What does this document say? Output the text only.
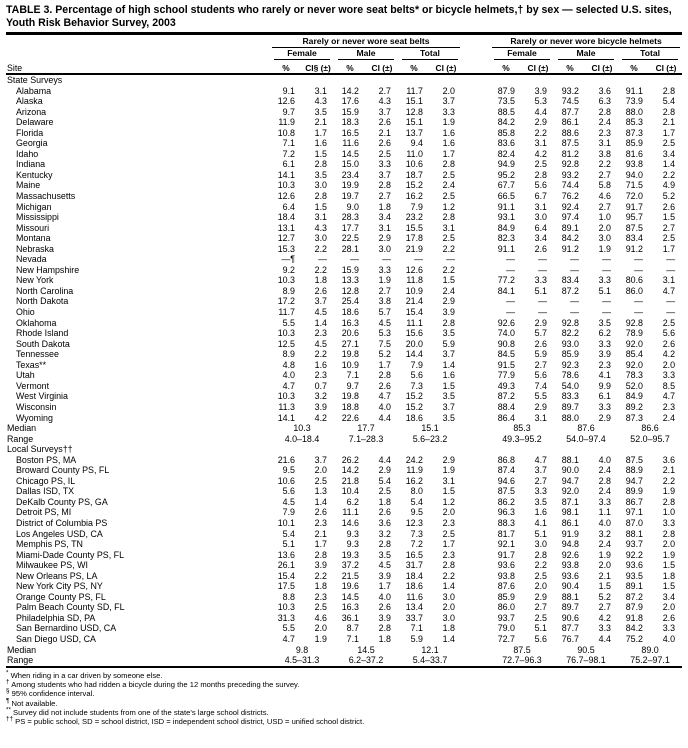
TABLE 3. Percentage of high school students who rarely or never wore seat belts* or bicycle helmets,† by sex — selected U.S. sites, Youth Risk Behavior Survey, 2003

	Rarely or never wore seat belts							Rarely or never wore bicycle helmets					

	Female		Male		Total			Female		Male		Total	

Site	%	CI§ (±)	%	CI (±)	%	CI (±)		%	CI (±)	%	CI (±)	%	CI (±)
State Surveys													
Alabama	9.1	3.1	14.2	2.7	11.7	2.0		87.9	3.9	93.2	3.6	91.1	2.8
Alaska	12.6	4.3	17.6	4.3	15.1	3.7		73.5	5.3	74.5	6.3	73.9	5.4
Arizona	9.7	3.5	15.9	3.7	12.8	3.3		88.5	4.4	87.7	2.8	88.0	2.8
Delaware	11.9	2.1	18.3	2.6	15.1	1.9		84.2	2.9	86.1	2.4	85.3	2.1
Florida	10.8	1.7	16.5	2.1	13.7	1.6		85.8	2.2	88.6	2.3	87.3	1.7
Georgia	7.1	1.6	11.6	2.6	9.4	1.6		83.6	3.1	87.5	3.1	85.9	2.5
Idaho	7.2	1.5	14.5	2.5	11.0	1.7		82.4	4.2	81.2	3.8	81.6	3.4
Indiana	6.1	2.8	15.0	3.3	10.6	2.8		94.9	2.5	92.8	2.2	93.8	1.4
Kentucky	14.1	3.5	23.4	3.7	18.7	2.5		95.2	2.8	93.2	2.7	94.0	2.2
Maine	10.3	3.0	19.9	2.8	15.2	2.4		67.7	5.6	74.4	5.8	71.5	4.9
Massachusetts	12.6	2.8	19.7	2.7	16.2	2.5		66.5	6.7	76.2	4.6	72.0	5.2
Michigan	6.4	1.5	9.0	1.8	7.9	1.2		91.1	3.1	92.4	2.7	91.7	2.6
Mississippi	18.4	3.1	28.3	3.4	23.2	2.8		93.1	3.0	97.4	1.0	95.7	1.5
Missouri	13.1	4.3	17.7	3.1	15.5	3.1		84.9	6.4	89.1	2.0	87.5	2.7
Montana	12.7	3.0	22.5	2.9	17.8	2.5		82.3	3.4	84.2	3.0	83.4	2.5
Nebraska	15.3	2.2	28.1	3.0	21.9	2.2		91.1	2.6	91.2	1.9	91.2	1.7
Nevada	—¶	—	—	—	—	—		—	—	—	—	—	—
New Hampshire	9.2	2.2	15.9	3.3	12.6	2.2		—	—	—	—	—	—
New York	10.3	1.8	13.3	1.9	11.8	1.5		77.2	3.3	83.4	3.3	80.6	3.1
North Carolina	8.9	2.6	12.8	2.7	10.9	2.4		84.1	5.1	87.2	5.1	86.0	4.7
North Dakota	17.2	3.7	25.4	3.8	21.4	2.9		—	—	—	—	—	—
Ohio	11.7	4.5	18.6	5.7	15.4	3.9		—	—	—	—	—	—
Oklahoma	5.5	1.4	16.3	4.5	11.1	2.8		92.6	2.9	92.8	3.5	92.8	2.5
Rhode Island	10.3	2.3	20.6	5.3	15.6	3.5		74.0	5.7	82.2	6.2	78.9	5.6
South Dakota	12.5	4.5	27.1	7.5	20.0	5.9		90.8	2.6	93.0	3.3	92.0	2.6
Tennessee	8.9	2.2	19.8	5.2	14.4	3.7		84.5	5.9	85.9	3.9	85.4	4.2
Texas**	4.8	1.6	10.9	1.7	7.9	1.4		91.5	2.7	92.3	2.3	92.0	2.0
Utah	4.0	2.3	7.1	2.8	5.6	1.6		77.9	5.6	78.6	4.1	78.3	3.3
Vermont	4.7	0.7	9.7	2.6	7.3	1.5		49.3	7.4	54.0	9.9	52.0	8.5
West Virginia	10.3	3.2	19.8	4.7	15.2	3.5		87.2	5.5	83.3	6.1	84.9	4.7
Wisconsin	11.3	3.9	18.8	4.0	15.2	3.7		88.4	2.9	89.7	3.3	89.2	2.3
Wyoming	14.1	4.2	22.6	4.4	18.6	3.5		86.4	3.1	88.0	2.9	87.3	2.4
Median	10.3		17.7		15.1			85.3		87.6		86.6	
Range	4.0–18.4		7.1–28.3		5.6–23.2			49.3–95.2		54.0–97.4		52.0–95.7	
Local Surveys††													
Boston PS, MA	21.6	3.7	26.2	4.4	24.2	2.9		86.8	4.7	88.1	4.0	87.5	3.6
Broward County PS, FL	9.5	2.0	14.2	2.9	11.9	1.9		87.4	3.7	90.0	2.4	88.9	2.1
Chicago PS, IL	10.6	2.5	21.8	5.4	16.2	3.1		94.6	2.7	94.7	2.8	94.7	2.2
Dallas ISD, TX	5.6	1.3	10.4	2.5	8.0	1.5		87.5	3.3	92.0	2.4	89.9	1.9
DeKalb County PS, GA	4.5	1.4	6.2	1.8	5.4	1.2		86.2	3.5	87.1	3.3	86.7	2.8
Detroit PS, MI	7.9	2.6	11.1	2.6	9.5	2.0		96.3	1.6	98.1	1.1	97.1	1.0
District of Columbia PS	10.1	2.3	14.6	3.6	12.3	2.3		88.3	4.1	86.1	4.0	87.0	3.3
Los Angeles USD, CA	5.4	2.1	9.3	3.2	7.3	2.5		81.7	5.1	91.9	3.2	88.1	2.8
Memphis PS, TN	5.1	1.7	9.3	2.8	7.2	1.7		92.1	3.0	94.8	2.4	93.7	2.0
Miami-Dade County PS, FL	13.6	2.8	19.3	3.5	16.5	2.3		91.7	2.8	92.6	1.9	92.2	1.9
Milwaukee PS, WI	26.1	3.9	37.2	4.5	31.7	2.8		93.6	2.2	93.8	2.0	93.6	1.5
New Orleans PS, LA	15.4	2.2	21.5	3.9	18.4	2.2		93.8	2.5	93.6	2.1	93.5	1.8
New York City PS, NY	17.5	1.8	19.6	1.7	18.6	1.4		87.6	2.0	90.4	1.5	89.1	1.5
Orange County PS, FL	8.8	2.3	14.5	4.0	11.6	3.0		85.9	2.9	88.1	5.2	87.2	3.4
Palm Beach County SD, FL	10.3	2.5	16.3	2.6	13.4	2.0		86.0	2.7	89.7	2.7	87.9	2.0
Philadelphia SD, PA	31.3	4.6	36.1	3.9	33.7	3.0		93.7	2.5	90.6	4.2	91.8	2.6
San Bernardino USD, CA	5.5	2.0	8.7	2.8	7.1	1.8		79.0	5.1	87.7	3.3	84.2	3.3
San Diego USD, CA	4.7	1.9	7.1	1.8	5.9	1.4		72.7	5.6	76.7	4.4	75.2	4.0
Median	9.8		14.5		12.1			87.5		90.5		89.0	
Range	4.5–31.3		6.2–37.2		5.4–33.7			72.7–96.3		76.7–98.1		75.2–97.1	
* When riding in a car driven by someone else.
† Among students who had ridden a bicycle during the 12 months preceding the survey.
§ 95% confidence interval.
¶ Not available.
** Survey did not include students from one of the state’s large school districts.
†† PS = public school, SD = school district, ISD = independent school district, USD = unified school district.
